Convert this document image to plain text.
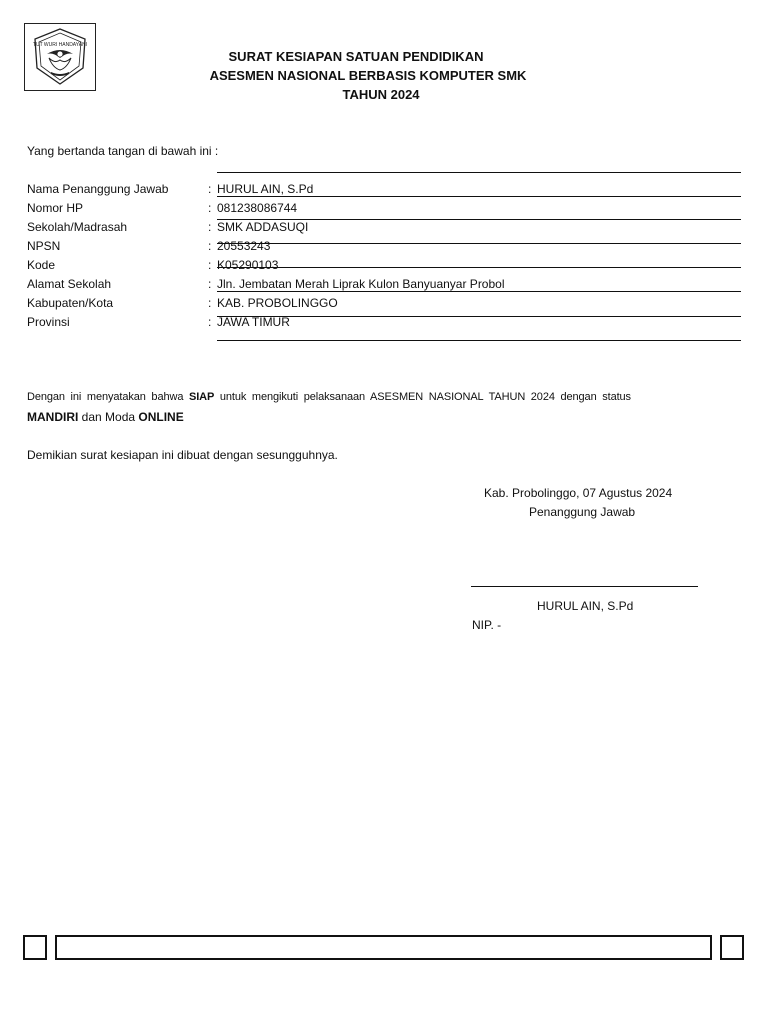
TUT WURI HANDAYANI
SURAT KESIAPAN SATUAN PENDIDIKAN
ASESMEN NASIONAL BERBASIS KOMPUTER SMK
TAHUN 2024
Yang bertanda tangan di bawah ini :
Nama Penanggung Jawab	: HURUL AIN, S.Pd
Nomor HP	: 081238086744
Sekolah/Madrasah	: SMK ADDASUQI
NPSN	: 20553243
Kode	: K05290103
Alamat Sekolah	: Jln. Jembatan Merah Liprak Kulon Banyuanyar Probol
Kabupaten/Kota	: KAB. PROBOLINGGO
Provinsi	: JAWA TIMUR
Dengan ini menyatakan bahwa SIAP untuk mengikuti pelaksanaan ASESMEN NASIONAL TAHUN 2024 dengan status
MANDIRI dan Moda ONLINE
Demikian surat kesiapan ini dibuat dengan sesungguhnya.
Kab. Probolinggo, 07 Agustus 2024
Penanggung Jawab
HURUL AIN, S.Pd
NIP. -
